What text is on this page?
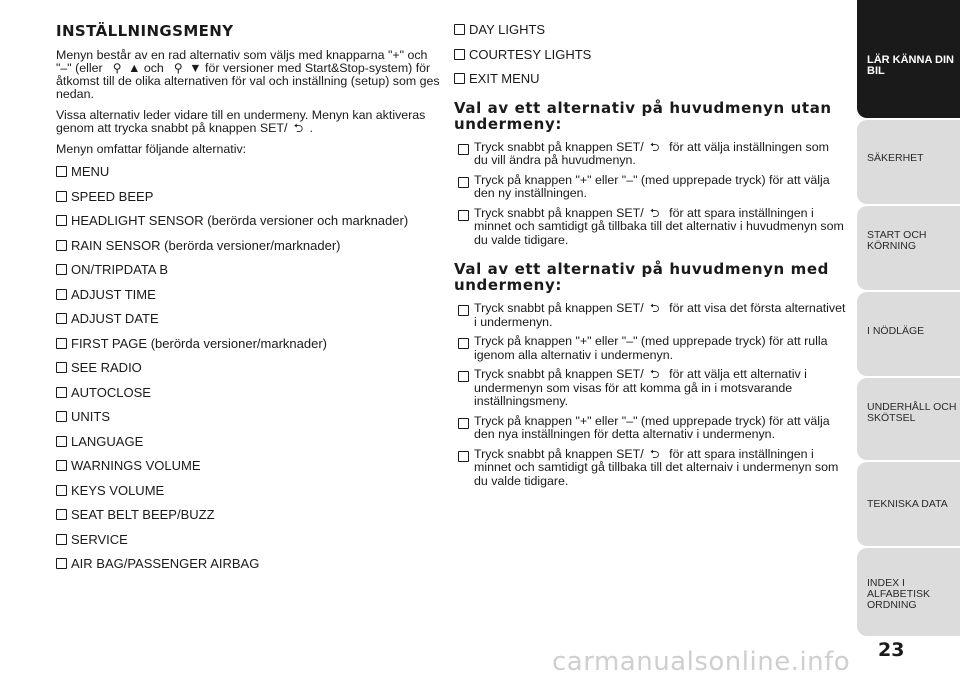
INSTÄLLNINGSMENY

Menyn består av en rad alternativ som väljs med knapparna "+" och "–" (eller ⚲ ▲ och ⚲ ▼ för versioner med Start&Stop-system) för åtkomst till de olika alternativen för val och inställning (setup) som ges nedan.

Vissa alternativ leder vidare till en undermeny. Menyn kan aktiveras genom att trycka snabbt på knappen SET/ ⮌ .

Menyn omfattar följande alternativ:

MENU
SPEED BEEP
HEADLIGHT SENSOR (berörda versioner och marknader)
RAIN SENSOR (berörda versioner/marknader)
ON/TRIPDATA B
ADJUST TIME
ADJUST DATE
FIRST PAGE (berörda versioner/marknader)
SEE RADIO
AUTOCLOSE
UNITS
LANGUAGE
WARNINGS VOLUME
KEYS VOLUME
SEAT BELT BEEP/BUZZ
SERVICE
AIR BAG/PASSENGER AIRBAG
DAY LIGHTS
COURTESY LIGHTS
EXIT MENU
Val av ett alternativ på huvudmenyn utan undermeny:
Tryck snabbt på knappen SET/ ⮌ för att välja inställningen som du vill ändra på huvudmenyn.
Tryck på knappen "+" eller "–" (med upprepade tryck) för att välja den ny inställningen.
Tryck snabbt på knappen SET/ ⮌ för att spara inställningen i minnet och samtidigt gå tillbaka till det alternativ i huvudmenyn som du valde tidigare.
Val av ett alternativ på huvudmenyn med undermeny:
Tryck snabbt på knappen SET/ ⮌ för att visa det första alternativet i undermenyn.
Tryck på knappen "+" eller "–" (med upprepade tryck) för att rulla igenom alla alternativ i undermenyn.
Tryck snabbt på knappen SET/ ⮌ för att välja ett alternativ i undermenyn som visas för att komma gå in i motsvarande inställningsmeny.
Tryck på knappen "+" eller "–" (med upprepade tryck) för att välja den nya inställningen för detta alternativ i undermenyn.
Tryck snabbt på knappen SET/ ⮌ för att spara inställningen i minnet och samtidigt gå tillbaka till det alternaiv i undermenyn som du valde tidigare.
LÄR KÄNNA DIN BIL
SÄKERHET
START OCH KÖRNING
I NÖDLÄGE
UNDERHÅLL OCH SKÖTSEL
TEKNISKA DATA
INDEX I ALFABETISK ORDNING
23
carmanualsonline.info
